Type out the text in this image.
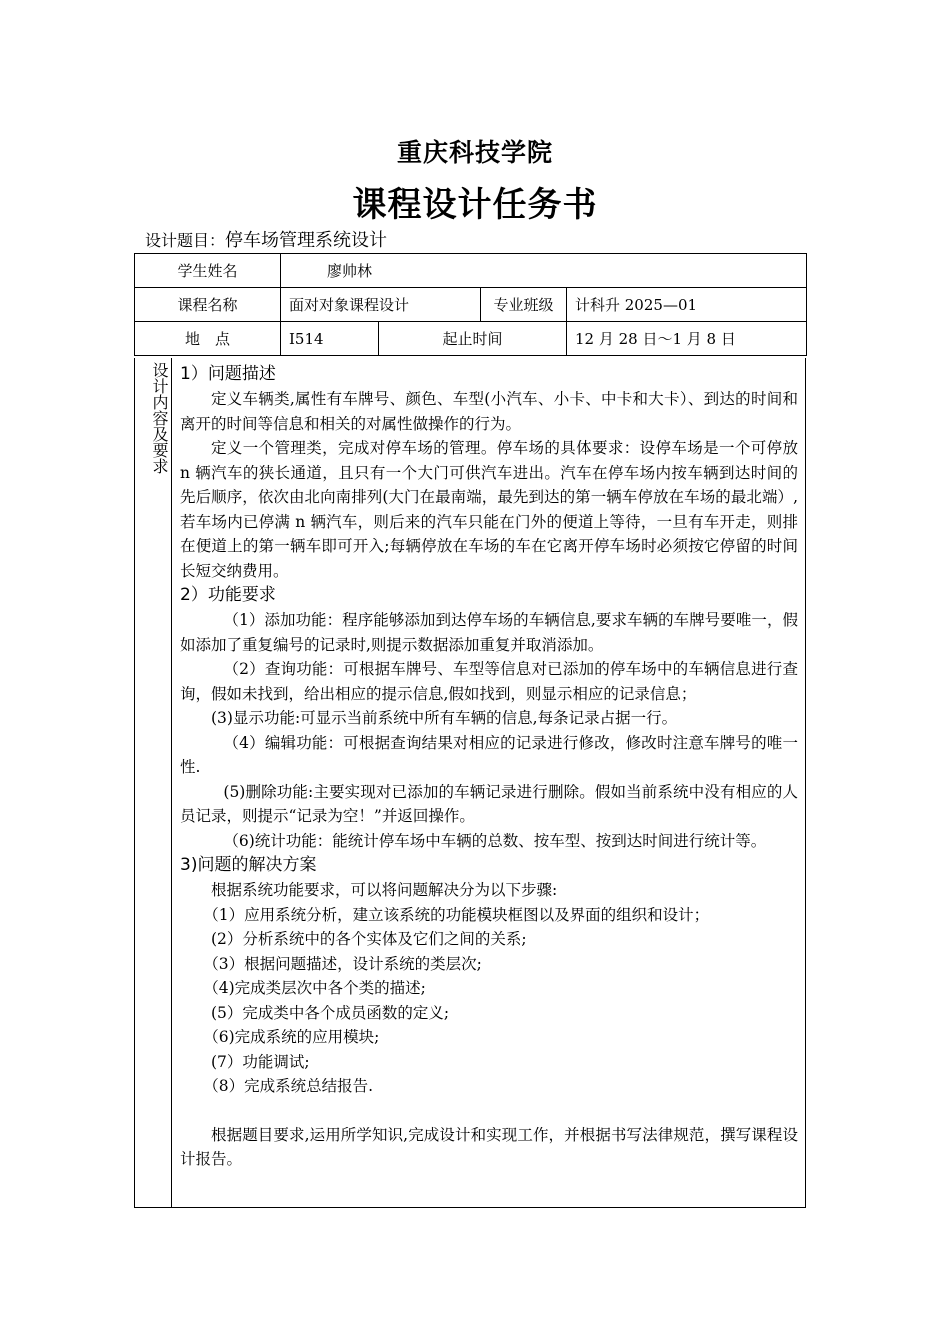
重庆科技学院
课程设计任务书
设计题目：停车场管理系统设计
学生姓名	廖帅林			
课程名称	面对对象课程设计		专业班级	计科升 2025—01
地　点	I514	起止时间		12 月 28 日～1 月 8 日
设计内容及要求 1）问题描述

定义车辆类,属性有车牌号、颜色、车型(小汽车、小卡、中卡和大卡）、到达的时间和离开的时间等信息和相关的对属性做操作的行为。

定义一个管理类，完成对停车场的管理。停车场的具体要求：设停车场是一个可停放 n 辆汽车的狭长通道，且只有一个大门可供汽车进出。汽车在停车场内按车辆到达时间的先后顺序，依次由北向南排列(大门在最南端，最先到达的第一辆车停放在车场的最北端）,若车场内已停满 n 辆汽车，则后来的汽车只能在门外的便道上等待，一旦有车开走，则排在便道上的第一辆车即可开入;每辆停放在车场的车在它离开停车场时必须按它停留的时间长短交纳费用。

2）功能要求

（1）添加功能：程序能够添加到达停车场的车辆信息,要求车辆的车牌号要唯一，假如添加了重复编号的记录时,则提示数据添加重复并取消添加。

（2）查询功能：可根据车牌号、车型等信息对已添加的停车场中的车辆信息进行查询，假如未找到，给出相应的提示信息,假如找到，则显示相应的记录信息；

(3)显示功能:可显示当前系统中所有车辆的信息,每条记录占据一行。

（4）编辑功能：可根据查询结果对相应的记录进行修改，修改时注意车牌号的唯一性.

(5)删除功能:主要实现对已添加的车辆记录进行删除。假如当前系统中没有相应的人员记录，则提示“记录为空！”并返回操作。

（6)统计功能：能统计停车场中车辆的总数、按车型、按到达时间进行统计等。

3)问题的解决方案

根据系统功能要求，可以将问题解决分为以下步骤:

（1）应用系统分析，建立该系统的功能模块框图以及界面的组织和设计；

(2）分析系统中的各个实体及它们之间的关系;

（3）根据问题描述，设计系统的类层次;

（4)完成类层次中各个类的描述;

(5）完成类中各个成员函数的定义;

（6)完成系统的应用模块;

(7）功能调试;

（8）完成系统总结报告.

根据题目要求,运用所学知识,完成设计和实现工作，并根据书写法律规范，撰写课程设计报告。
